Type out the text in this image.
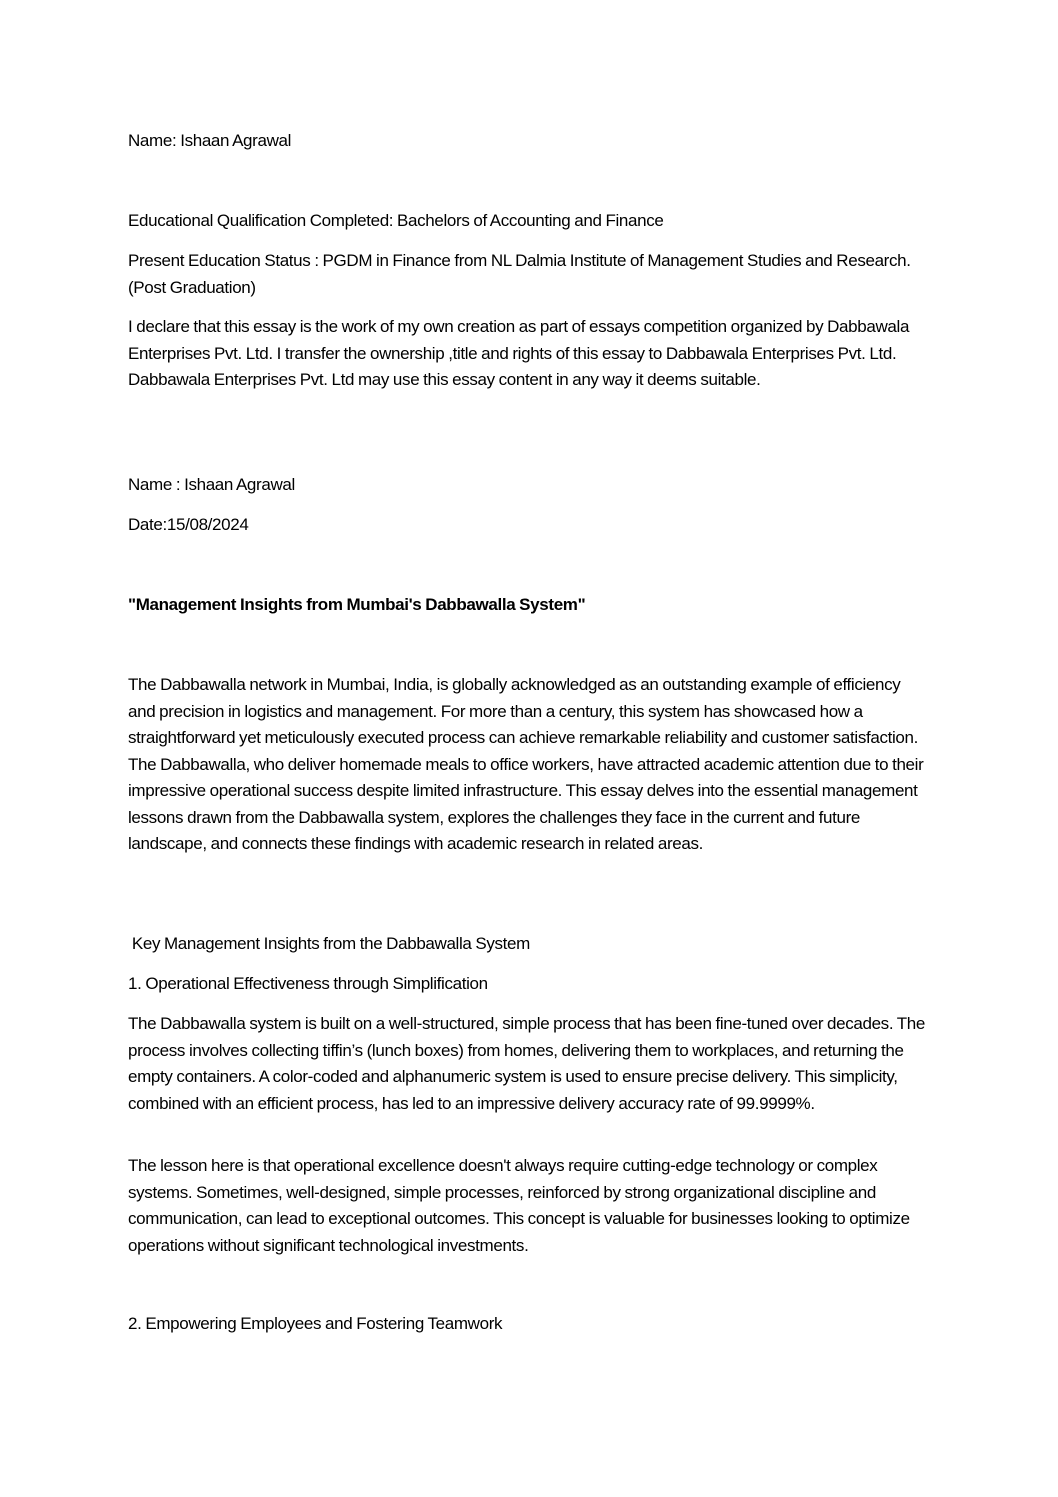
Name: Ishaan Agrawal

Educational Qualification Completed: Bachelors of Accounting and Finance

Present Education Status : PGDM in Finance from NL Dalmia Institute of Management Studies and Research.(Post Graduation)

I declare that this essay is the work of my own creation as part of essays competition organized by Dabbawala Enterprises Pvt. Ltd. I transfer the ownership ,title and rights of this essay to Dabbawala Enterprises Pvt. Ltd. Dabbawala Enterprises Pvt. Ltd may use this essay content in any way it deems suitable.

Name : Ishaan Agrawal

Date:15/08/2024

"Management Insights from Mumbai's Dabbawalla System"

The Dabbawalla network in Mumbai, India, is globally acknowledged as an outstanding example of efficiency and precision in logistics and management. For more than a century, this system has showcased how a straightforward yet meticulously executed process can achieve remarkable reliability and customer satisfaction. The Dabbawalla, who deliver homemade meals to office workers, have attracted academic attention due to their impressive operational success despite limited infrastructure. This essay delves into the essential management lessons drawn from the Dabbawalla system, explores the challenges they face in the current and future landscape, and connects these findings with academic research in related areas.

Key Management Insights from the Dabbawalla System

1. Operational Effectiveness through Simplification

The Dabbawalla system is built on a well-structured, simple process that has been fine-tuned over decades. The process involves collecting tiffin’s (lunch boxes) from homes, delivering them to workplaces, and returning the empty containers. A color-coded and alphanumeric system is used to ensure precise delivery. This simplicity, combined with an efficient process, has led to an impressive delivery accuracy rate of 99.9999%.

The lesson here is that operational excellence doesn't always require cutting-edge technology or complex systems. Sometimes, well-designed, simple processes, reinforced by strong organizational discipline and communication, can lead to exceptional outcomes. This concept is valuable for businesses looking to optimize operations without significant technological investments.

2. Empowering Employees and Fostering Teamwork
